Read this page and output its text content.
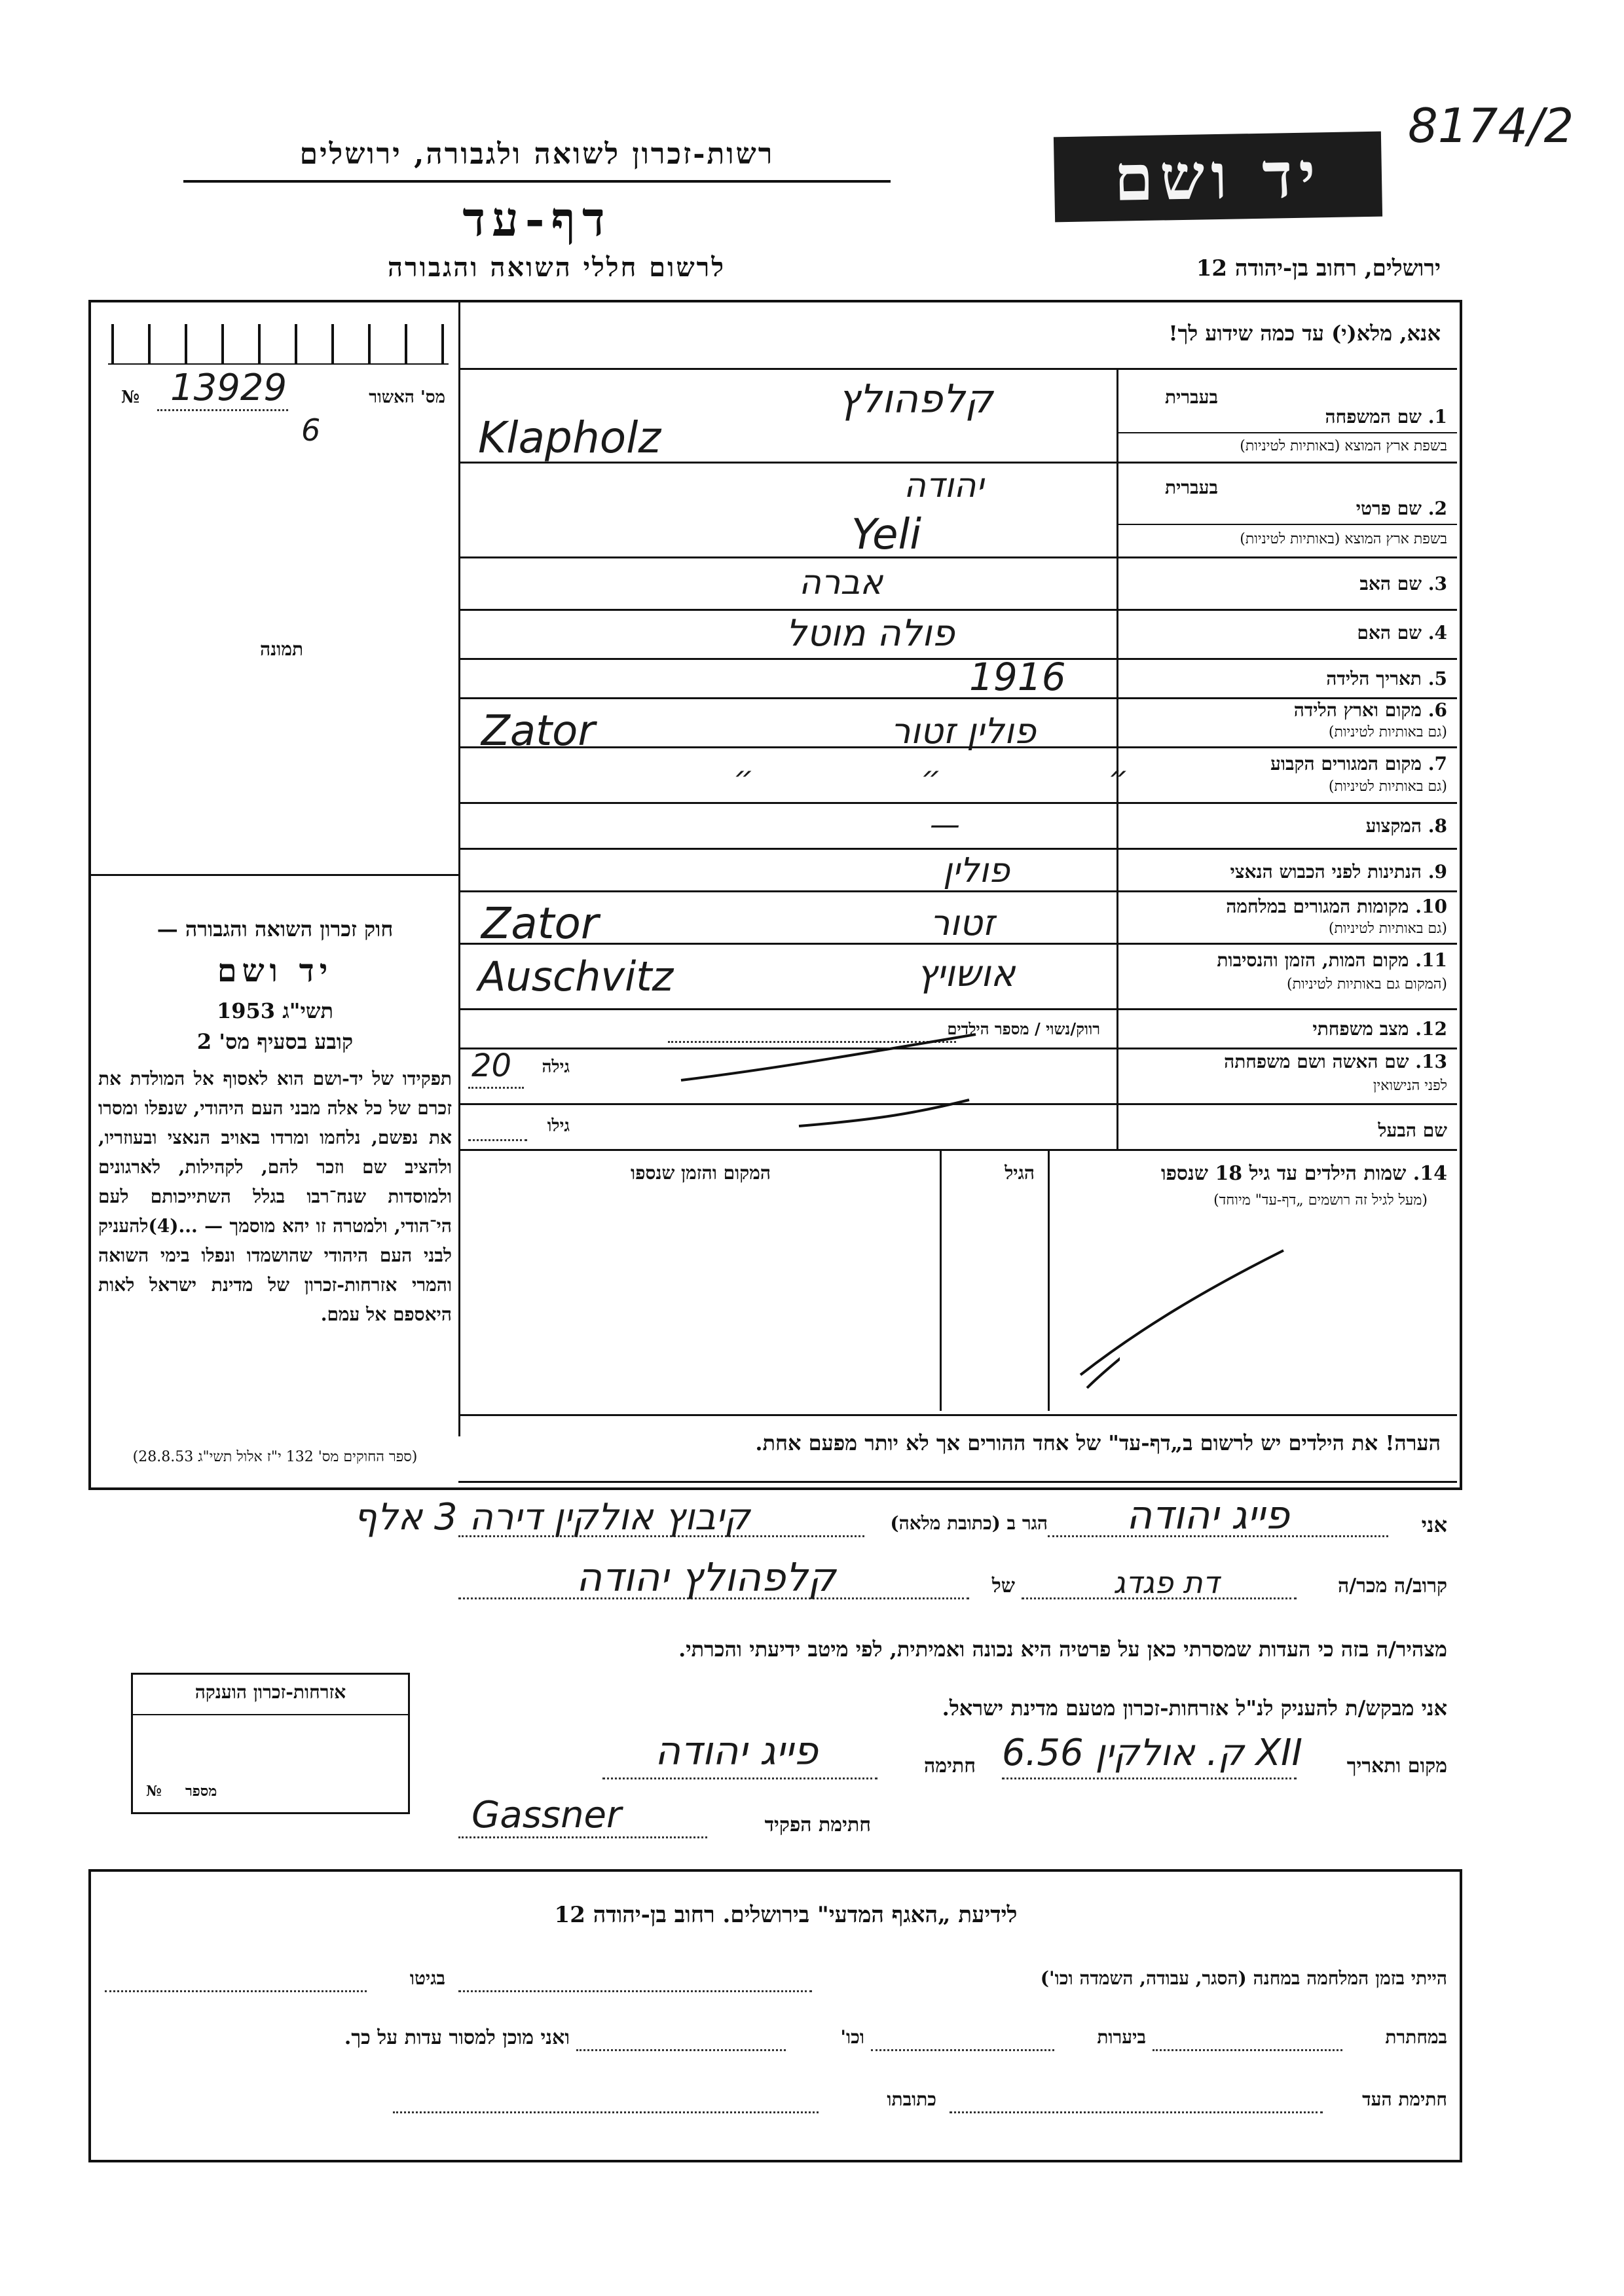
8174/2
יד ושם
רשות-זכרון לשואה ולגבורה, ירושלים
דף-עד
לרשום חללי השואה והגבורה	ירושלים, רחוב בן-יהודה 12
אנא, מלא(י) עד כמה שידוע לך!
מס' האשור
№ 13929
6
תמונה
חוק זכרון השואה והגבורה —
יד ושם
תשי"ג 1953
קובע בסעיף מס' 2
תפקידו של יד-ושם הוא לאסוף אל המולדת את זכרם של כל אלה מבני העם היהודי, שנפלו ומסרו את נפשם, נלחמו ומרדו באויב הנאצי ובעוזריו, ולהציב שם וזכר להם, לקהילות, לארגונים ולמוסדות שנח־רבו בגלל השתייכותם לעם הי־הודי, ולמטרה זו יהא מוסמך — ...(4)להעניק לבני העם היהודי שהושמדו ונפלו בימי השואה והמרי אזרחות-זכרון של מדינת ישראל לאות היאספם אל עמם.
(ספר החוקים מס' 132 י"ז אלול תשי"ג 28.8.53)
בעברית
1. שם המשפחה
בשפת ארץ המוצא (באותיות לטיניות)
קלפהולץ
Klapholz
בעברית
2. שם פרטי
בשפת ארץ המוצא (באותיות לטיניות)
יהודה
Yeli
3. שם האב
אברה
4. שם האם
פולה מוטל
5. תאריך הלידה
1916
6. מקום וארץ הלידה
(גם באותיות לטיניות)
פולין זטור
Zator
7. מקום המגורים הקבוע
(גם באותיות לטיניות)
״ ״ ״
8. המקצוע
—
9. הנתינות לפני הכבוש הנאצי
פולין
10. מקומות המגורים במלחמה
(גם באותיות לטיניות)
זטור
Zator
11. מקום המות, הזמן והנסיבות
(המקום גם באותיות לטיניות)
אושויץ
Auschvitz
12. מצב משפחתי
רווק/נשוי / מספר הילדים
13. שם האשה ושם משפחתה
לפני הנישואין
גילה
20
שם הבעל
גילו
14. שמות הילדים עד גיל 18 שנספו
(מעל לגיל זה רושמים „דף-עד" מיוחד)
הגיל
המקום והזמן שנספו
הערה! את הילדים יש לרשום ב„דף-עד" של אחד ההורים אך לא יותר מפעם אחת.
אני
פייג יהודה
הגר ב (כתובת מלאה)
קיבוץ אולקין דירה 3 אלף
קרוב/ה מכר/ה
דת פגדג
של
קלפהולץ יהודה
מצהיר/ה בזה כי העדות שמסרתי כאן על פרטיה היא נכונה ואמיתית, לפי מיטב ידיעתי והכרתי.
אני מבקש/ת להעניק לנ"ל אזרחות-זכרון מטעם מדינת ישראל.
מקום ותאריך
ק. אולקין 6.56 XII
חתימה
פייג יהודה
חתימת הפקיד
Gassner
אזרחות-זכרון הוענקה
№ מספר
לידיעת „האגף המדעי" בירושלים. רחוב בן-יהודה 12
הייתי בזמן המלחמה במחנה (הסגר, עבודה, השמדה וכו')
בגיטו
במחתרת
ביערות
וכו'
ואני מוכן למסור עדות על כך.
חתימת העד
כתובתו
